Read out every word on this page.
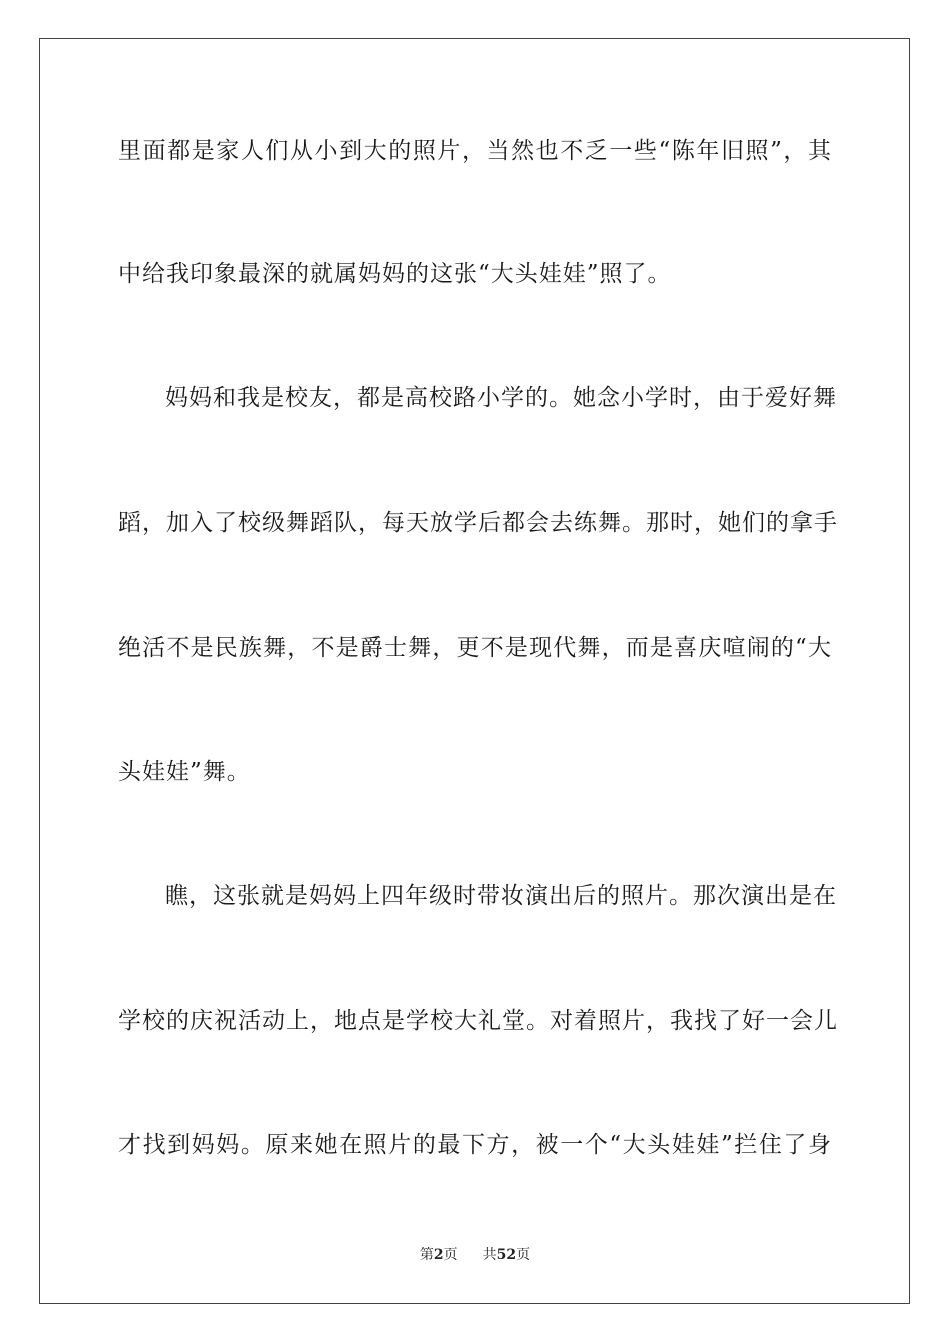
里面都是家人们从小到大的照片，当然也不乏一些“陈年旧照”，其
中给我印象最深的就属妈妈的这张“大头娃娃”照了。
妈妈和我是校友，都是高校路小学的。她念小学时，由于爱好舞
蹈，加入了校级舞蹈队，每天放学后都会去练舞。那时，她们的拿手
绝活不是民族舞，不是爵士舞，更不是现代舞，而是喜庆喧闹的“大
头娃娃”舞。
瞧，这张就是妈妈上四年级时带妆演出后的照片。那次演出是在
学校的庆祝活动上，地点是学校大礼堂。对着照片，我找了好一会儿
才找到妈妈。原来她在照片的最下方，被一个“大头娃娃”拦住了身
第2页 共52页
